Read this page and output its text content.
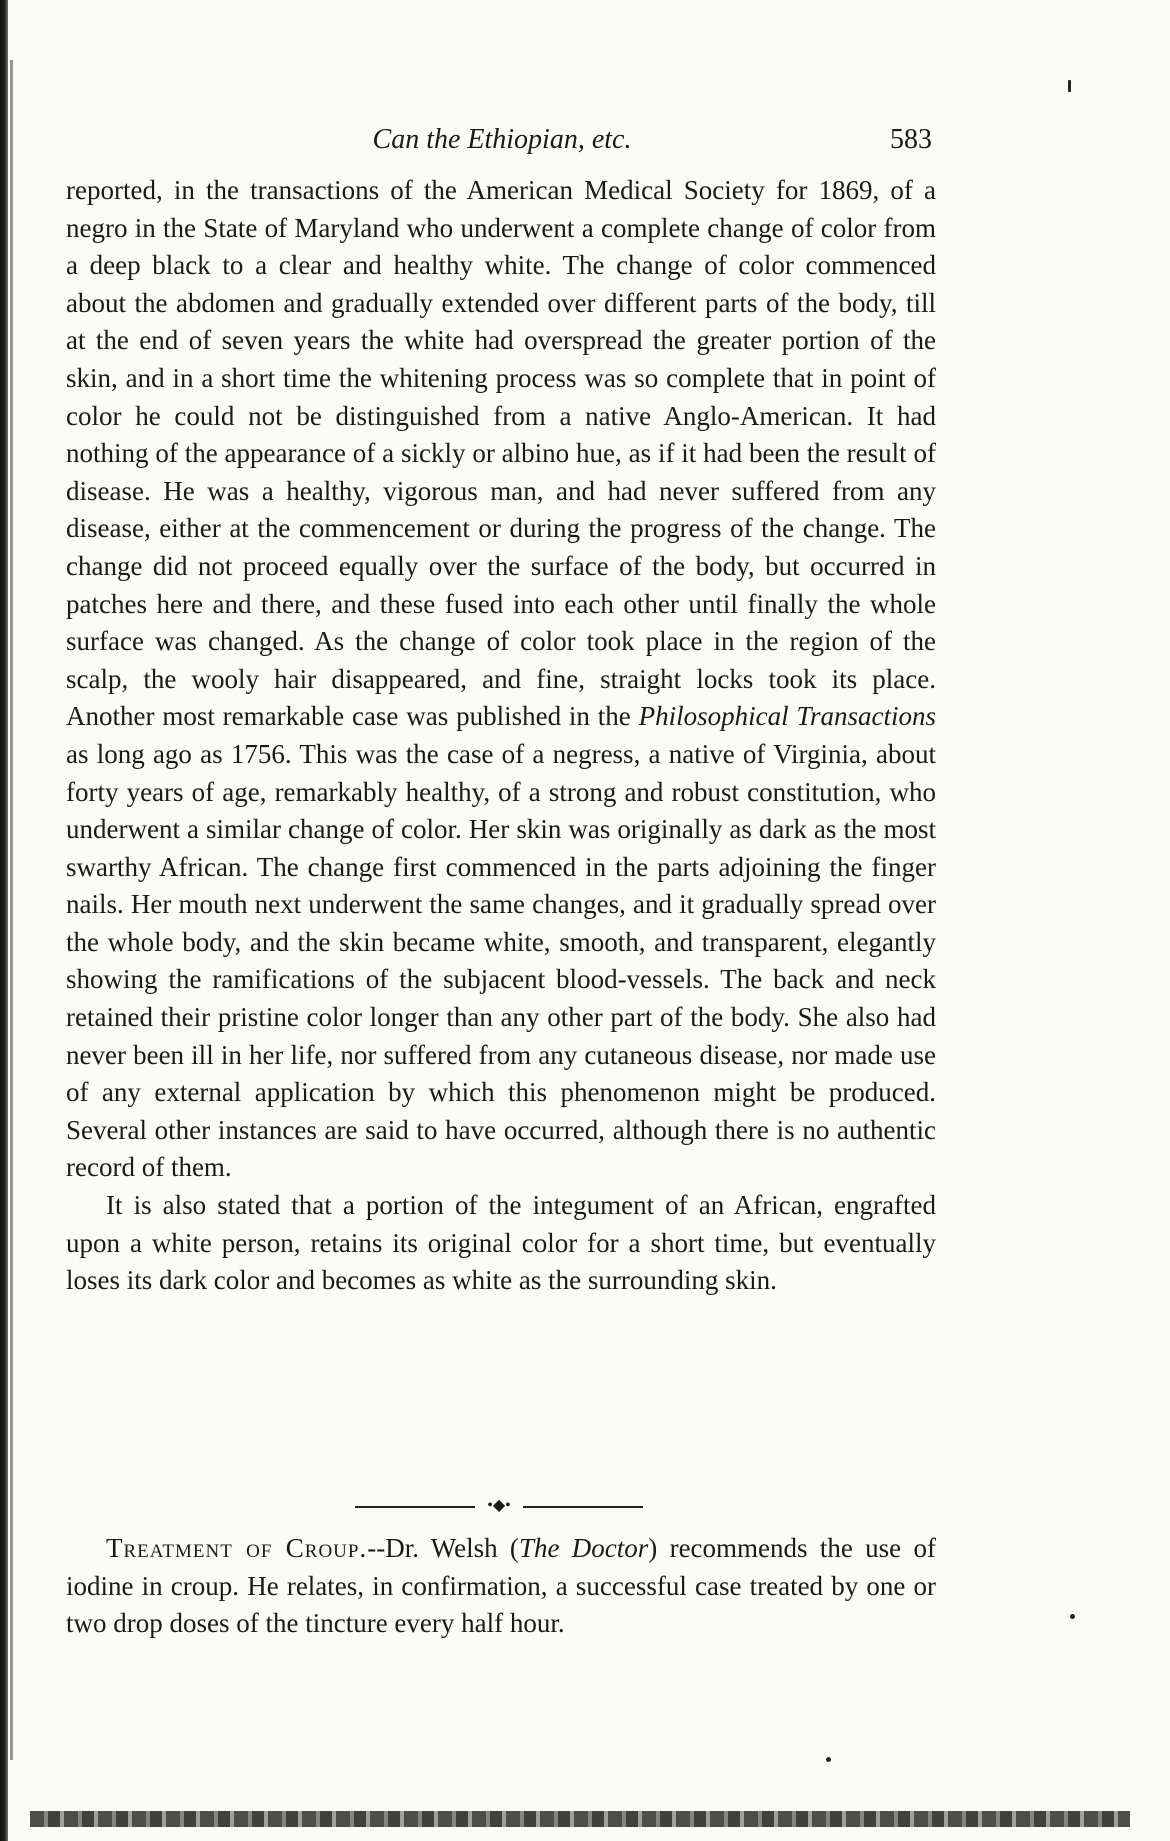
Can the Ethiopian, etc.	583

reported, in the transactions of the American Medical Society for 1869, of a negro in the State of Maryland who underwent a complete change of color from a deep black to a clear and healthy white. The change of color commenced about the abdomen and gradually extended over different parts of the body, till at the end of seven years the white had overspread the greater portion of the skin, and in a short time the whitening process was so complete that in point of color he could not be distinguished from a native Anglo-American. It had nothing of the appearance of a sickly or albino hue, as if it had been the result of disease. He was a healthy, vigorous man, and had never suffered from any disease, either at the commencement or during the progress of the change. The change did not proceed equally over the surface of the body, but occurred in patches here and there, and these fused into each other until finally the whole surface was changed. As the change of color took place in the region of the scalp, the wooly hair disappeared, and fine, straight locks took its place. Another most remarkable case was published in the Philosophical Transactions as long ago as 1756. This was the case of a negress, a native of Virginia, about forty years of age, remarkably healthy, of a strong and robust constitution, who underwent a similar change of color. Her skin was originally as dark as the most swarthy African. The change first commenced in the parts adjoining the finger nails. Her mouth next underwent the same changes, and it gradually spread over the whole body, and the skin became white, smooth, and transparent, elegantly showing the ramifications of the subjacent blood-vessels. The back and neck retained their pristine color longer than any other part of the body. She also had never been ill in her life, nor suffered from any cutaneous disease, nor made use of any external application by which this phenomenon might be produced. Several other instances are said to have occurred, although there is no authentic record of them.

It is also stated that a portion of the integument of an African, engrafted upon a white person, retains its original color for a short time, but eventually loses its dark color and becomes as white as the surrounding skin.

•◆•

Treatment of Croup.--Dr. Welsh (The Doctor) recommends the use of iodine in croup. He relates, in confirmation, a successful case treated by one or two drop doses of the tincture every half hour.
